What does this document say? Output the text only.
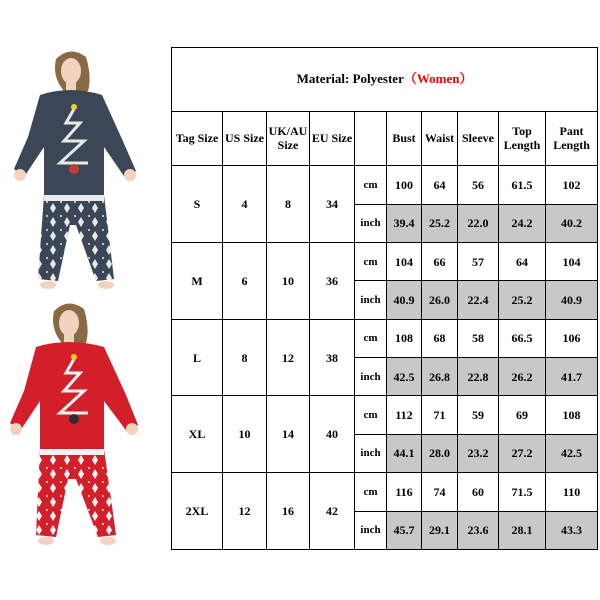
Material: Polyester（Women）									
Tag Size	US Size	UK/AU Size	EU Size		Bust	Waist	Sleeve	Top Length	Pant Length
S	4	8	34	cm	100	64	56	61.5	102
				inch	39.4	25.2	22.0	24.2	40.2
M	6	10	36	cm	104	66	57	64	104
				inch	40.9	26.0	22.4	25.2	40.9
L	8	12	38	cm	108	68	58	66.5	106
				inch	42.5	26.8	22.8	26.2	41.7
XL	10	14	40	cm	112	71	59	69	108
				inch	44.1	28.0	23.2	27.2	42.5
2XL	12	16	42	cm	116	74	60	71.5	110
				inch	45.7	29.1	23.6	28.1	43.3
